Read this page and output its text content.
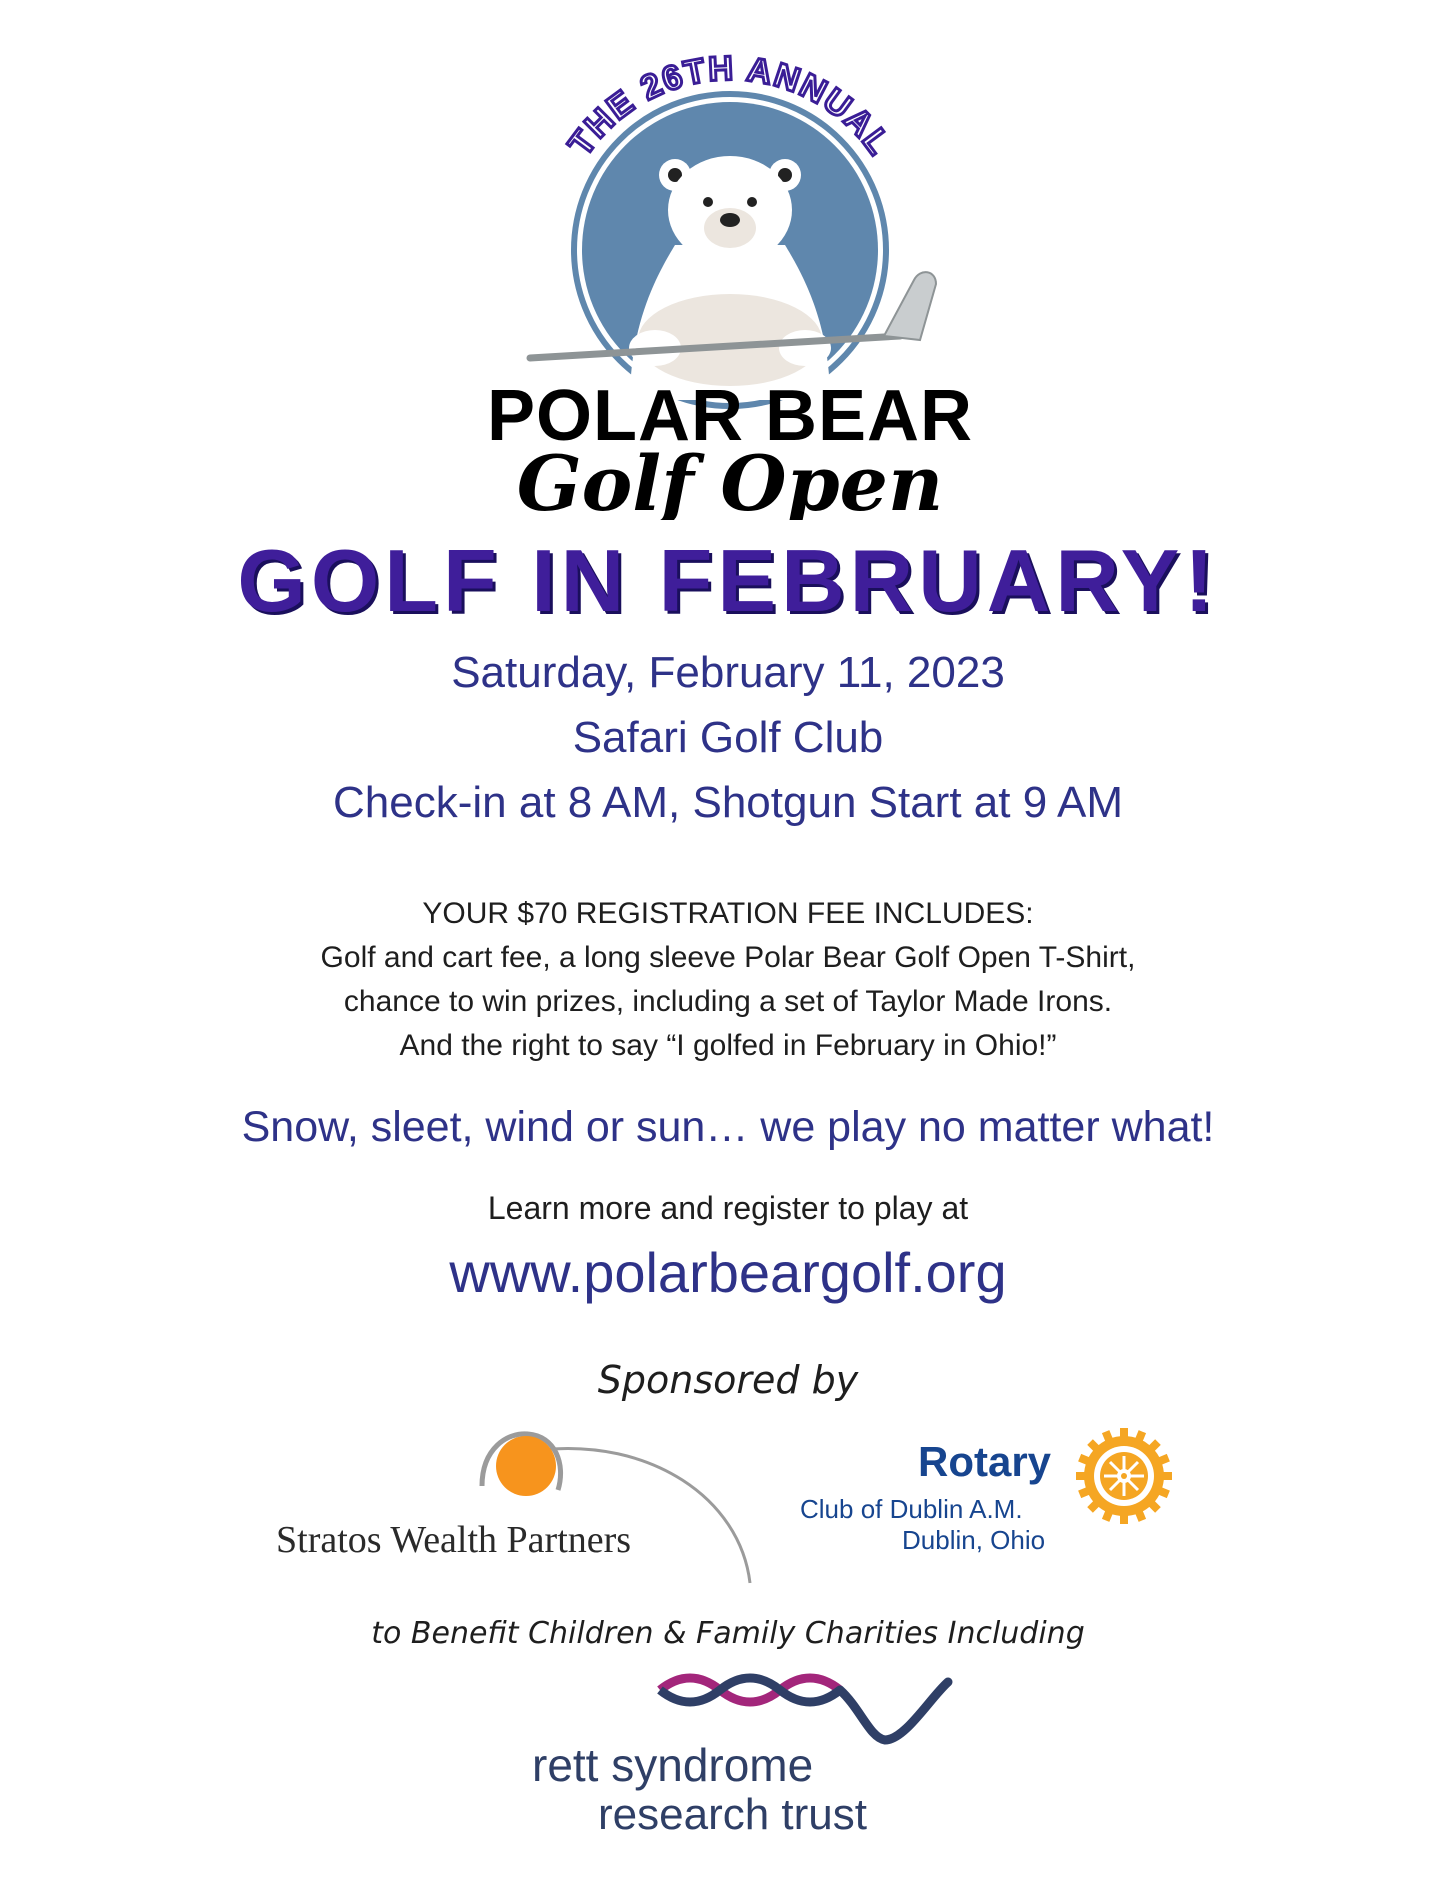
THE 26TH ANNUAL
POLAR BEAR
Golf Open
GOLF IN FEBRUARY!
Saturday, February 11, 2023
Safari Golf Club
Check-in at 8 AM, Shotgun Start at 9 AM
YOUR $70 REGISTRATION FEE INCLUDES:
Golf and cart fee, a long sleeve Polar Bear Golf Open T-Shirt,
chance to win prizes, including a set of Taylor Made Irons.
And the right to say “I golfed in February in Ohio!”
Snow, sleet, wind or sun… we play no matter what!
Learn more and register to play at
www.polarbeargolf.org
Sponsored by
Stratos Wealth Partners
Rotary
Club of Dublin A.M.
Dublin, Ohio
to Benefit Children & Family Charities Including
rett syndrome
research trust
